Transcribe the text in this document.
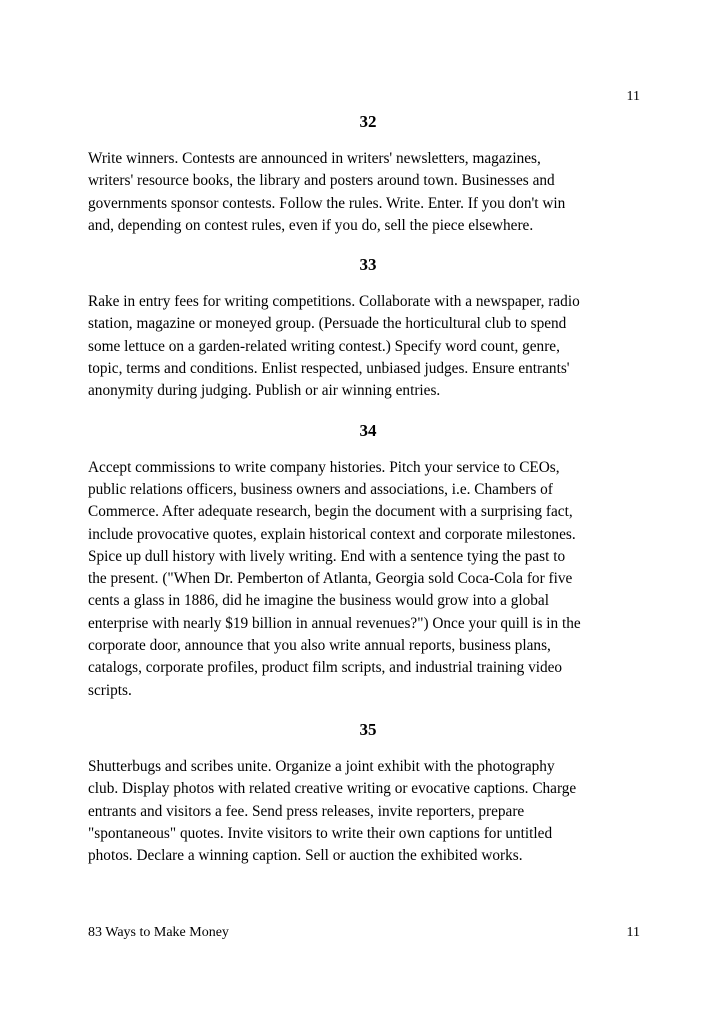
11
32
Write winners. Contests are announced in writers' newsletters, magazines,
writers' resource books, the library and posters around town. Businesses and
governments sponsor contests. Follow the rules. Write. Enter. If you don't win
and, depending on contest rules, even if you do, sell the piece elsewhere.
33
Rake in entry fees for writing competitions. Collaborate with a newspaper, radio
station, magazine or moneyed group. (Persuade the horticultural club to spend
some lettuce on a garden-related writing contest.) Specify word count, genre,
topic, terms and conditions. Enlist respected, unbiased judges. Ensure entrants'
anonymity during judging. Publish or air winning entries.
34
Accept commissions to write company histories. Pitch your service to CEOs,
public relations officers, business owners and associations, i.e. Chambers of
Commerce. After adequate research, begin the document with a surprising fact,
include provocative quotes, explain historical context and corporate milestones.
Spice up dull history with lively writing. End with a sentence tying the past to
the present. ("When Dr. Pemberton of Atlanta, Georgia sold Coca-Cola for five
cents a glass in 1886, did he imagine the business would grow into a global
enterprise with nearly $19 billion in annual revenues?") Once your quill is in the
corporate door, announce that you also write annual reports, business plans,
catalogs, corporate profiles, product film scripts, and industrial training video
scripts.
35
Shutterbugs and scribes unite. Organize a joint exhibit with the photography
club. Display photos with related creative writing or evocative captions. Charge
entrants and visitors a fee. Send press releases, invite reporters, prepare
"spontaneous" quotes. Invite visitors to write their own captions for untitled
photos. Declare a winning caption. Sell or auction the exhibited works.
83 Ways to Make Money	11
